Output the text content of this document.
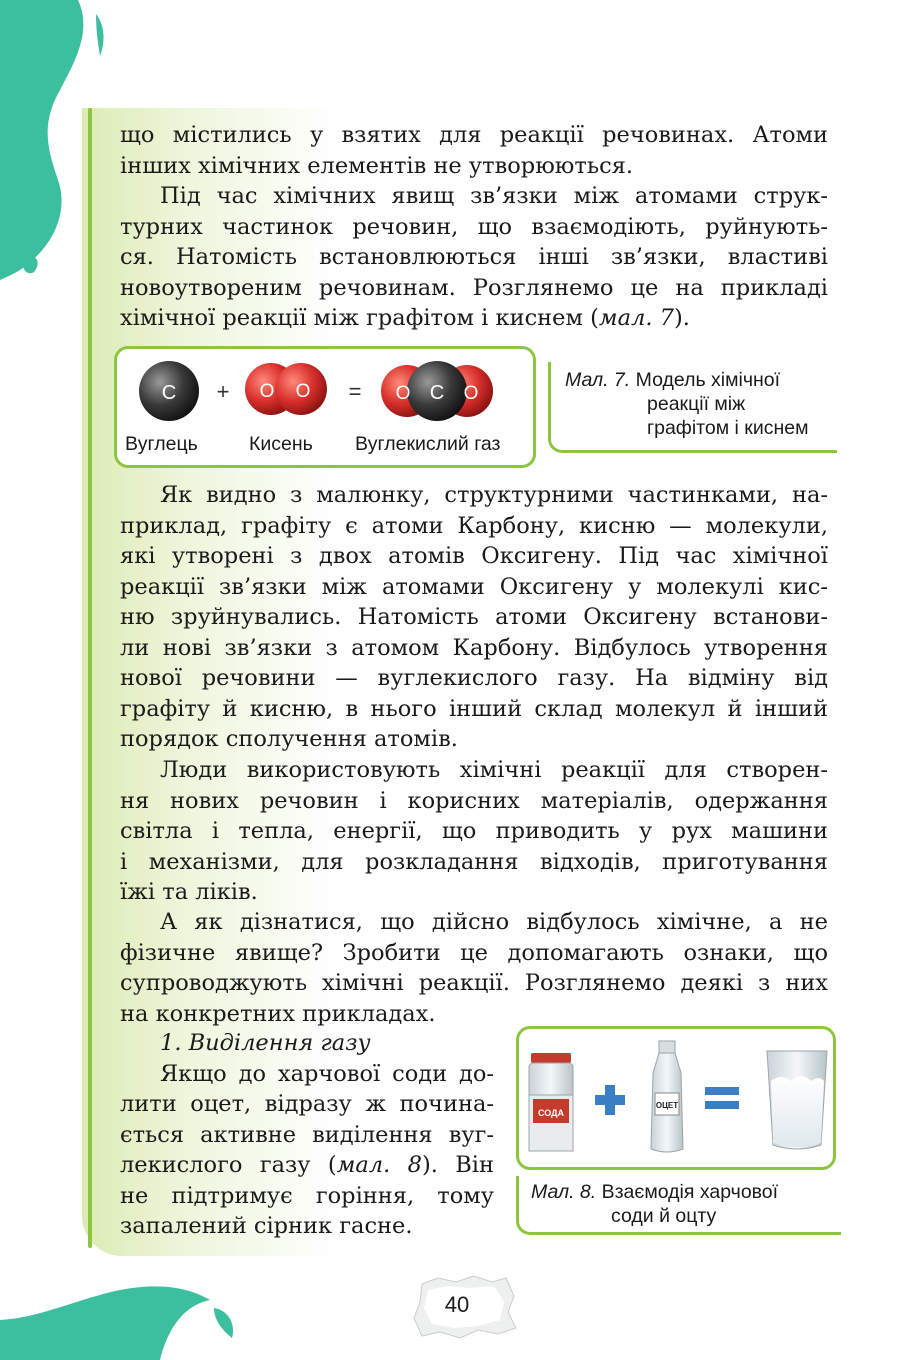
що містились у взятих для реакції речовинах. Атоми
інших хімічних елементів не утворюються.
Під час хімічних явищ зв’язки між атомами струк-
турних частинок речовин, що взаємодіють, руйнують-
ся. Натомість встановлюються інші зв’язки, властиві
новоутвореним речовинам. Розглянемо це на прикладі
хімічної реакції між графітом і киснем (мал. 7).
C	O O	O C O
+	=
Вуглець	Кисень Вуглекислий газ
Мал. 7. Модель хімічної
реакції між
графітом і киснем
Як видно з малюнку, структурними частинками, на-
приклад, графіту є атоми Карбону, кисню — молекули,
які утворені з двох атомів Оксигену. Під час хімічної
реакції зв’язки між атомами Оксигену у молекулі кис-
ню зруйнувались. Натомість атоми Оксигену встанови-
ли нові зв’язки з атомом Карбону. Відбулось утворення
нової речовини — вуглекислого газу. На відміну від
графіту й кисню, в нього інший склад молекул й інший
порядок сполучення атомів.
Люди використовують хімічні реакції для створен-
ня нових речовин і корисних матеріалів, одержання
світла і тепла, енергії, що приводить у рух машини
і механізми, для розкладання відходів, приготування
їжі та ліків.
А як дізнатися, що дійсно відбулось хімічне, а не
фізичне явище? Зробити це допомагають ознаки, що
супроводжують хімічні реакції. Розглянемо деякі з них
на конкретних прикладах.
1. Виділення газу
Якщо до харчової соди до-
лити оцет, відразу ж почина-
ється активне виділення вуг-
лекислого газу (мал. 8). Він
не підтримує горіння, тому
запалений сірник гасне.
СОДА
ОЦЕТ
Мал. 8. Взаємодія харчової
соди й оцту
40
